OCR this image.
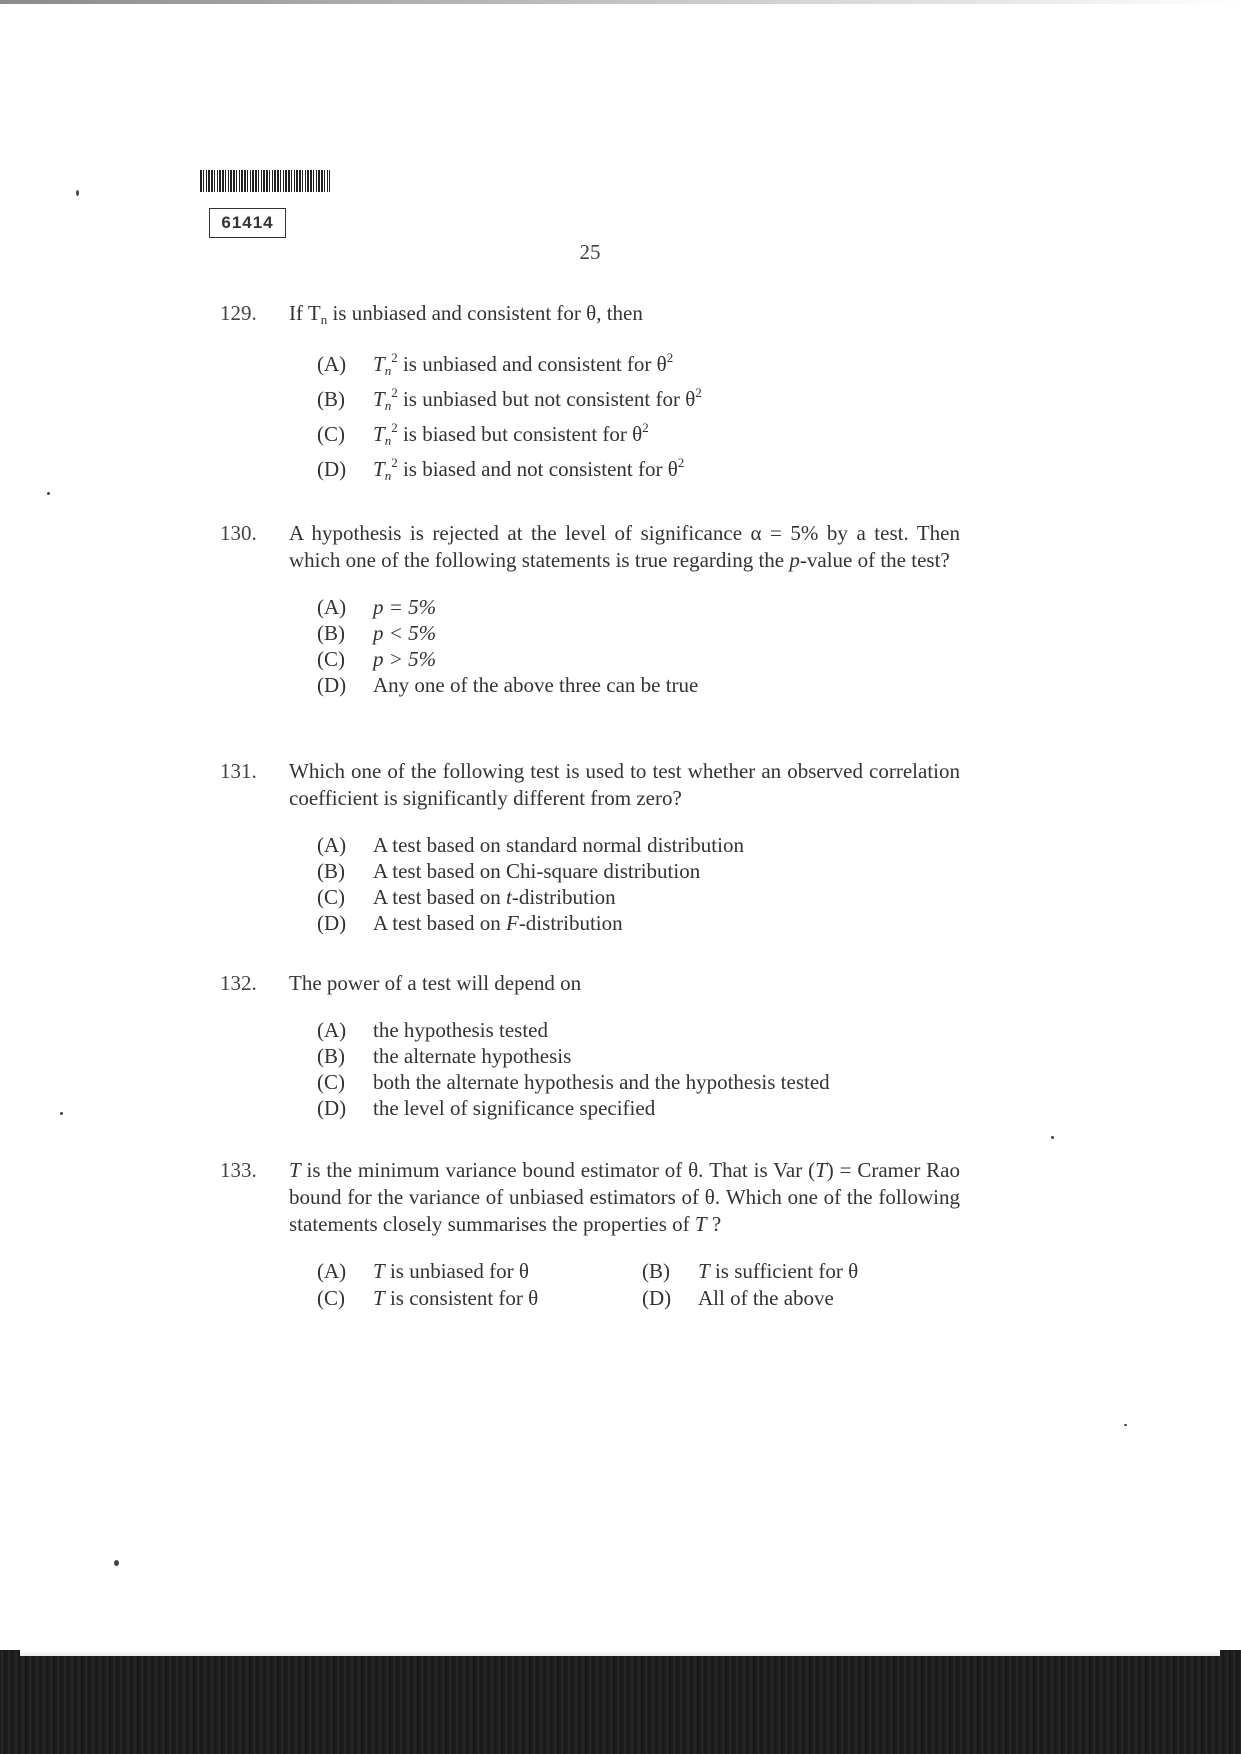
61414
25
129.	If $T_n$ is unbiased and consistent for θ, then
(A)	$T_n^2$ is unbiased and consistent for $\theta^2$
(B)	$T_n^2$ is unbiased but not consistent for $\theta^2$
(C)	$T_n^2$ is biased but consistent for $\theta^2$
(D)	$T_n^2$ is biased and not consistent for $\theta^2$
130.	A hypothesis is rejected at the level of significance α = 5% by a test. Then which one of the following statements is true regarding the p-value of the test?
(A)	p = 5%
(B)	p < 5%
(C)	p > 5%
(D)	Any one of the above three can be true
131.	Which one of the following test is used to test whether an observed correlation coefficient is significantly different from zero?
(A)	A test based on standard normal distribution
(B)	A test based on Chi-square distribution
(C)	A test based on t-distribution
(D)	A test based on F-distribution
132.	The power of a test will depend on
(A)	the hypothesis tested
(B)	the alternate hypothesis
(C)	both the alternate hypothesis and the hypothesis tested
(D)	the level of significance specified
133.	T is the minimum variance bound estimator of θ. That is Var (T) = Cramer Rao bound for the variance of unbiased estimators of θ. Which one of the following statements closely summarises the properties of T ?
(A)	T is unbiased for θ	(B)	T is sufficient for θ
(C)	T is consistent for θ	(D)	All of the above
